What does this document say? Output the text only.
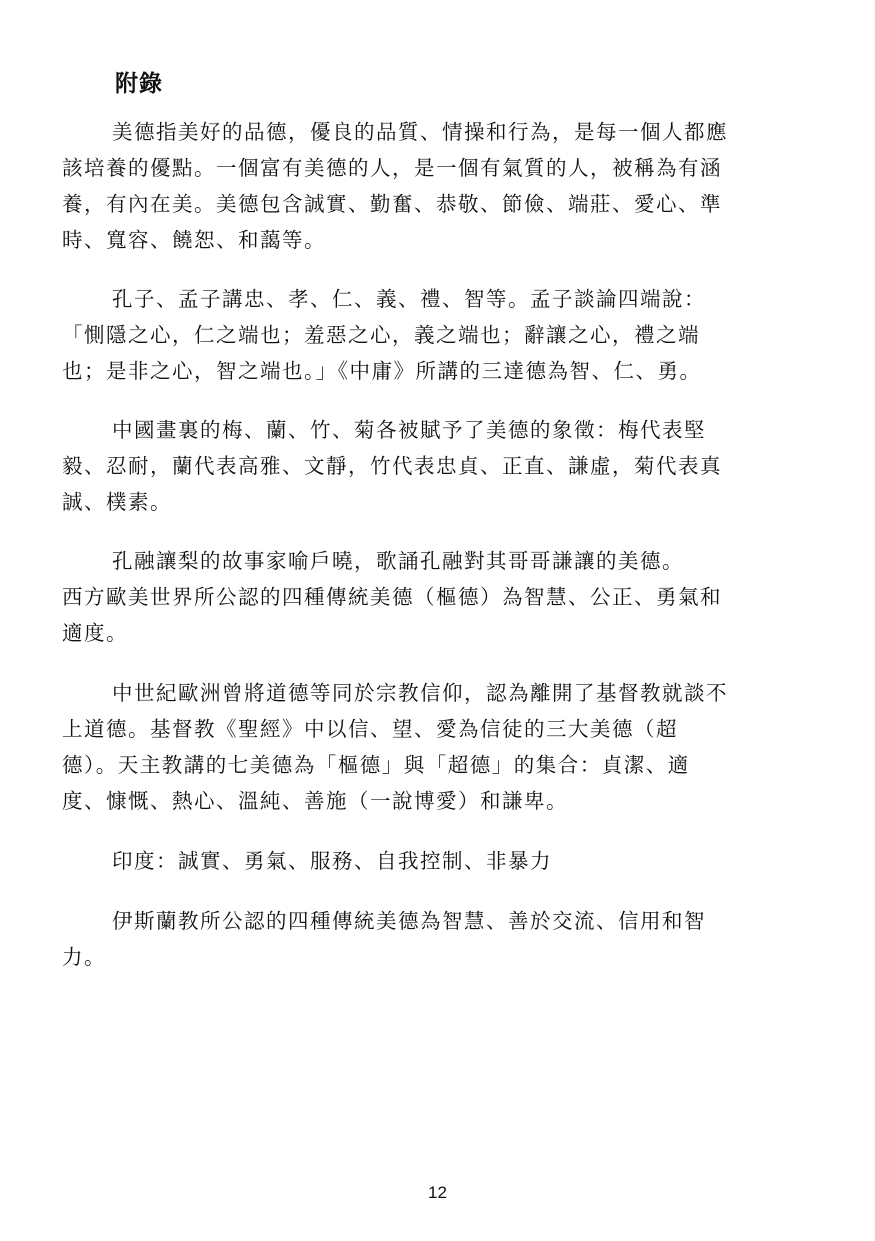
附錄
美德指美好的品德，優良的品質、情操和行為，是每一個人都應
該培養的優點。一個富有美德的人，是一個有氣質的人，被稱為有涵
養，有內在美。美德包含誠實、勤奮、恭敬、節儉、端莊、愛心、準
時、寬容、饒恕、和藹等。
孔子、孟子講忠、孝、仁、義、禮、智等。孟子談論四端說：
「惻隱之心，仁之端也；羞惡之心，義之端也；辭讓之心，禮之端
也；是非之心，智之端也。」《中庸》所講的三達德為智、仁、勇。
中國畫裏的梅、蘭、竹、菊各被賦予了美德的象徵：梅代表堅
毅、忍耐，蘭代表高雅、文靜，竹代表忠貞、正直、謙虛，菊代表真
誠、樸素。
孔融讓梨的故事家喻戶曉，歌誦孔融對其哥哥謙讓的美德。
西方歐美世界所公認的四種傳統美德（樞德）為智慧、公正、勇氣和
適度。
中世紀歐洲曾將道德等同於宗教信仰，認為離開了基督教就談不
上道德。基督教《聖經》中以信、望、愛為信徒的三大美德（超
德）。天主教講的七美德為「樞德」與「超德」的集合：貞潔、適
度、慷慨、熱心、溫純、善施（一說博愛）和謙卑。
印度：誠實、勇氣、服務、自我控制、非暴力
伊斯蘭教所公認的四種傳統美德為智慧、善於交流、信用和智
力。
12
